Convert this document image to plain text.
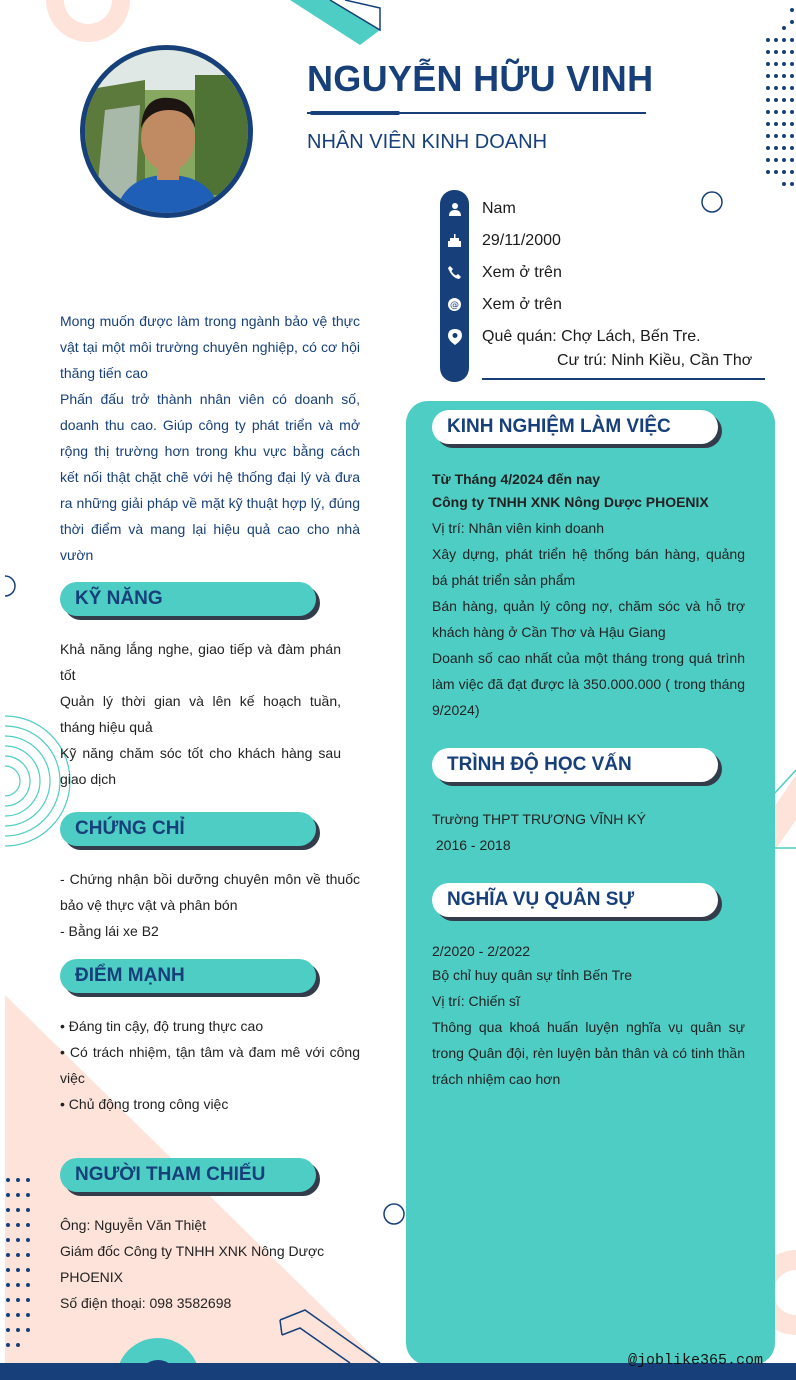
NGUYỄN HỮU VINH
NHÂN VIÊN KINH DOANH
@
Nam
29/11/2000
Xem ở trên
Xem ở trên
Quê quán: Chợ Lách, Bến Tre.
Cư trú: Ninh Kiều, Cần Thơ

Mong muốn được làm trong ngành bảo vệ thực vật tại một môi trường chuyên nghiệp, có cơ hội thăng tiến cao

Phấn đấu trở thành nhân viên có doanh số, doanh thu cao. Giúp công ty phát triển và mở rộng thị trường hơn trong khu vực bằng cách kết nối thật chặt chẽ với hệ thống đại lý và đưa ra những giải pháp về mặt kỹ thuật hợp lý, đúng thời điểm và mang lại hiệu quả cao cho nhà vườn

KỸ NĂNG

Khả năng lắng nghe, giao tiếp và đàm phán tốt

Quản lý thời gian và lên kế hoạch tuần, tháng hiệu quả

Kỹ năng chăm sóc tốt cho khách hàng sau giao dịch

CHỨNG CHỈ

- Chứng nhận bồi dưỡng chuyên môn về thuốc bảo vệ thực vật và phân bón

- Bằng lái xe B2

ĐIỂM MẠNH

• Đáng tin cậy, độ trung thực cao

• Có trách nhiệm, tận tâm và đam mê với công việc

• Chủ động trong công việc

NGƯỜI THAM CHIẾU

Ông: Nguyễn Văn Thiệt

Giám đốc Công ty TNHH XNK Nông Dược PHOENIX

Số điện thoại: 098 3582698

KINH NGHIỆM LÀM VIỆC
Từ Tháng 4/2024 đến nay
Công ty TNHH XNK Nông Dược PHOENIX

Vị trí: Nhân viên kinh doanh

Xây dựng, phát triển hệ thống bán hàng, quảng bá phát triển sản phẩm

Bán hàng, quản lý công nợ, chăm sóc và hỗ trợ khách hàng ở Cần Thơ và Hậu Giang

Doanh số cao nhất của một tháng trong quá trình làm việc đã đạt được là 350.000.000 ( trong tháng 9/2024)

TRÌNH ĐỘ HỌC VẤN

Trường THPT TRƯƠNG VĨNH KÝ

2016 - 2018

NGHĨA VỤ QUÂN SỰ
2/2020 - 2/2022

Bộ chỉ huy quân sự tỉnh Bến Tre

Vị trí: Chiến sĩ

Thông qua khoá huấn luyện nghĩa vụ quân sự trong Quân đội, rèn luyện bản thân và có tinh thần trách nhiệm cao hơn

@joblike365.com
